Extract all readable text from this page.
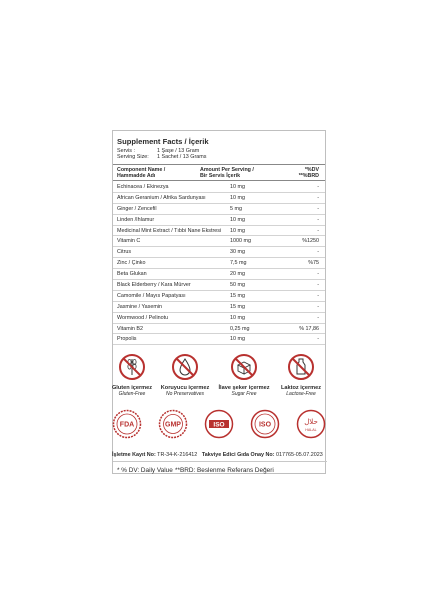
Supplement Facts / İçerik
Servis :	1 Şaşe / 13 Gram
Serving Size: 1 Sachet / 13 Grams
Component Name /
Hammadde Adı
Amount Per Serving /
Bir Servis İçerik
*%DV
**%BRD
Echinacea / Ekinezya	10 mg	-
African Geranium / Afrika Sardunyası	10 mg	-
Ginger / Zencefil	5 mg	-
Linden /Ihlamur	10 mg	-
Medicinal Mint Extract / Tıbbi Nane Ekstresi 10 mg	-
Vitamin C	1000 mg	%1250
Citrus	30 mg	-
Zinc / Çinko	7,5 mg	%75
Beta Glukan	20 mg	-
Black Elderberry / Kara Mürver	50 mg	-
Camomile / Mayıs Papatyası	15 mg	-
Jasmine / Yasemin	15 mg	-
Wormwood / Pelinotu	10 mg	-
Vitamin B2	0,25 mg	% 17,86
Propolis	10 mg	-
* % DV: Daily Value **BRD: Beslenme Referans Değeri
Gluten içermez
Gluten-Free
Koruyucu içermez
No Preservatives
İlave şeker içermez
Sugar Free
Laktoz içermez
Lactose-Free
FDA	GMP	ISO	ISO	حلال
HALAL
İşletme Kayıt No: TR-34-K-216412 Takviye Edici Gıda Onay No: 017765-05.07.2023
